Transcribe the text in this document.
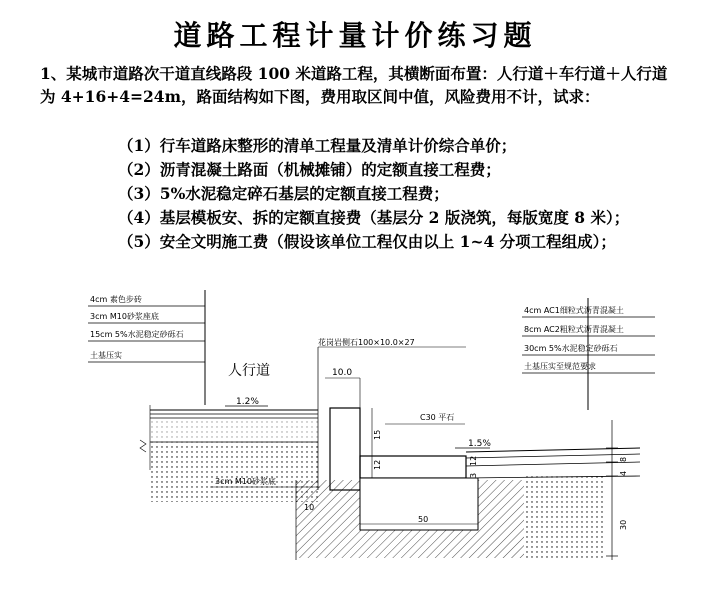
道路工程计量计价练习题
1、某城市道路次干道直线路段 100 米道路工程，其横断面布置：人行道＋车行道＋人行道为 4+16+4=24m，路面结构如下图，费用取区间中值，风险费用不计，试求：
（1）行车道路床整形的清单工程量及清单计价综合单价；
（2）沥青混凝土路面（机械摊铺）的定额直接工程费；
（3）5%水泥稳定碎石基层的定额直接工程费；
（4）基层模板安、拆的定额直接费（基层分 2 版浇筑，每版宽度 8 米）；
（5）安全文明施工费（假设该单位工程仅由以上 1~4 分项工程组成）；
4cm 素色步砖
3cm M10砂浆座底
15cm 5%水泥稳定砂砾石
土基压实
4cm AC1细粒式沥青混凝土
8cm AC2粗粒式沥青混凝土
30cm 5%水泥稳定砂砾石
土基压实至规范要求
人行道
1.2%
花岗岩侧石100×10.0×27
10.0
15
12
C30 平石
1.5%
3
12
10
50
3cm M10砂浆底
8
4
30
